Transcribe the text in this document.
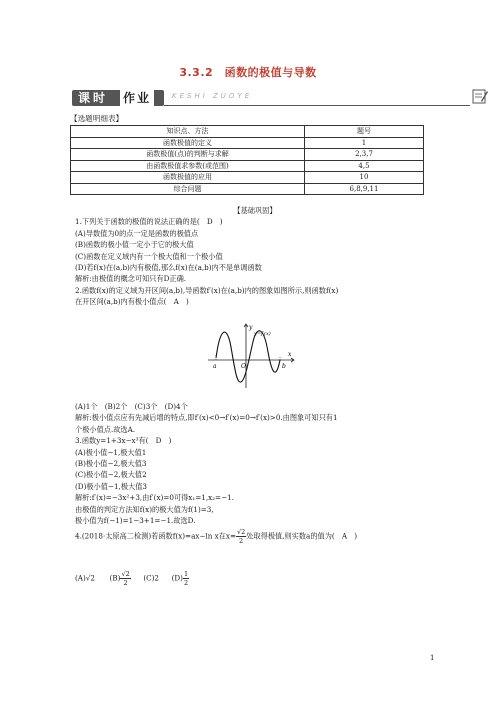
3.3.2　函数的极值与导数
课时 作业	KESHI ZUOYE
【选题明细表】
知识点、方法	题号
函数极值的定义	1
函数极值(点)的判断与求解	2,3,7
由函数极值求参数(或范围)	4,5
函数极值的应用	10
综合问题	6,8,9,11

【基础巩固】

1.下列关于函数的极值的说法正确的是(　D　)

(A)导数值为0的点一定是函数的极值点

(B)函数的极小值一定小于它的极大值

(C)函数在定义域内有一个极大值和一个极小值

(D)若f(x)在(a,b)内有极值,那么f(x)在(a,b)内不是单调函数

解析:由极值的概念可知只有D正确.

2.函数f(x)的定义域为开区间(a,b),导函数f′(x)在(a,b)内的图象如图所示,则函数f(x)

在开区间(a,b)内有极小值点(　A　)

a	O	b
x
y
y=f′(x)

(A)1个　(B)2个　(C)3个　(D)4个

解析:极小值点应有先减后增的特点,即f′(x)<0→f′(x)=0→f′(x)>0.由图象可知只有1

个极小值点.故选A.

3.函数y=1+3x−x³有(　D　)

(A)极小值−1,极大值1

(B)极小值−2,极大值3

(C)极小值−2,极大值2

(D)极小值−1,极大值3

解析:f′(x)=−3x²+3,由f′(x)=0可得x₁=1,x₂=−1.

由极值的判定方法知f(x)的极大值为f(1)=3,

极小值为f(−1)=1−3+1=−1.故选D.

4.(2018·太原高二检测)若函数f(x)=ax−ln x在$x= \frac{√2}{2}$ 处取得极值,则实数a的值为(　A　)
(A)√2 $(B) \frac{√2}{2} (C)2$ $(D) \frac{1}{2}$
1
